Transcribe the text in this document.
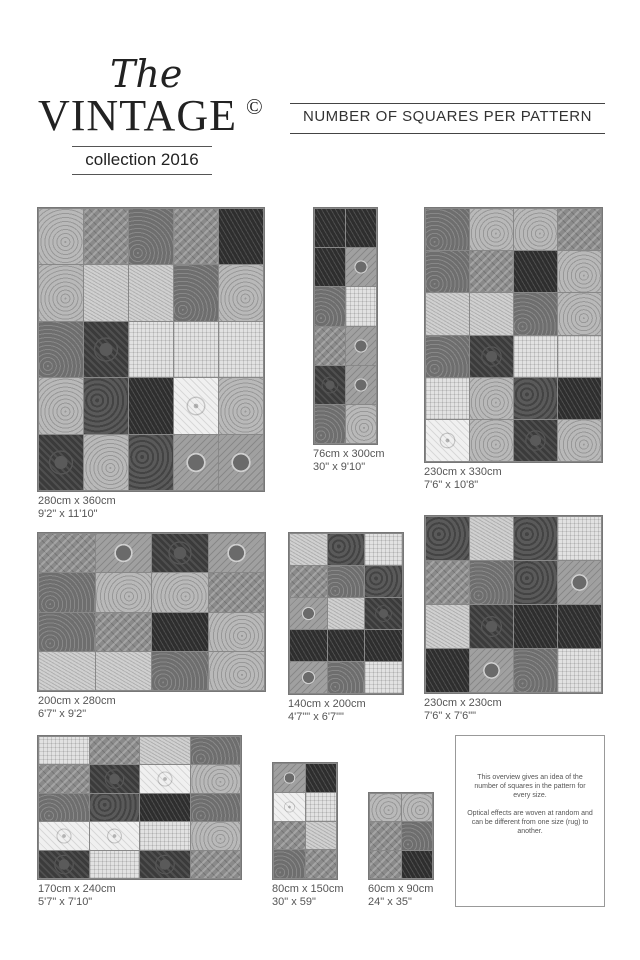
The
VINTAGE ©
collection 2016
NUMBER OF SQUARES PER PATTERN
280cm x 360cm
9'2" x 11'10"
76cm x 300cm
30" x 9'10"	230cm x 330cm
7'6" x 10'8"
200cm x 280cm
6'7" x 9'2"
140cm x 200cm
4'7"" x 6'7""
230cm x 230cm
7'6" x 7'6""
170cm x 240cm
5'7" x 7'10"
80cm x 150cm
30" x 59"
60cm x 90cm
24" x 35"

This overview gives an idea of the number of squares in the pattern for every size.

Optical effects are woven at random and can be different from one size (rug) to another.
